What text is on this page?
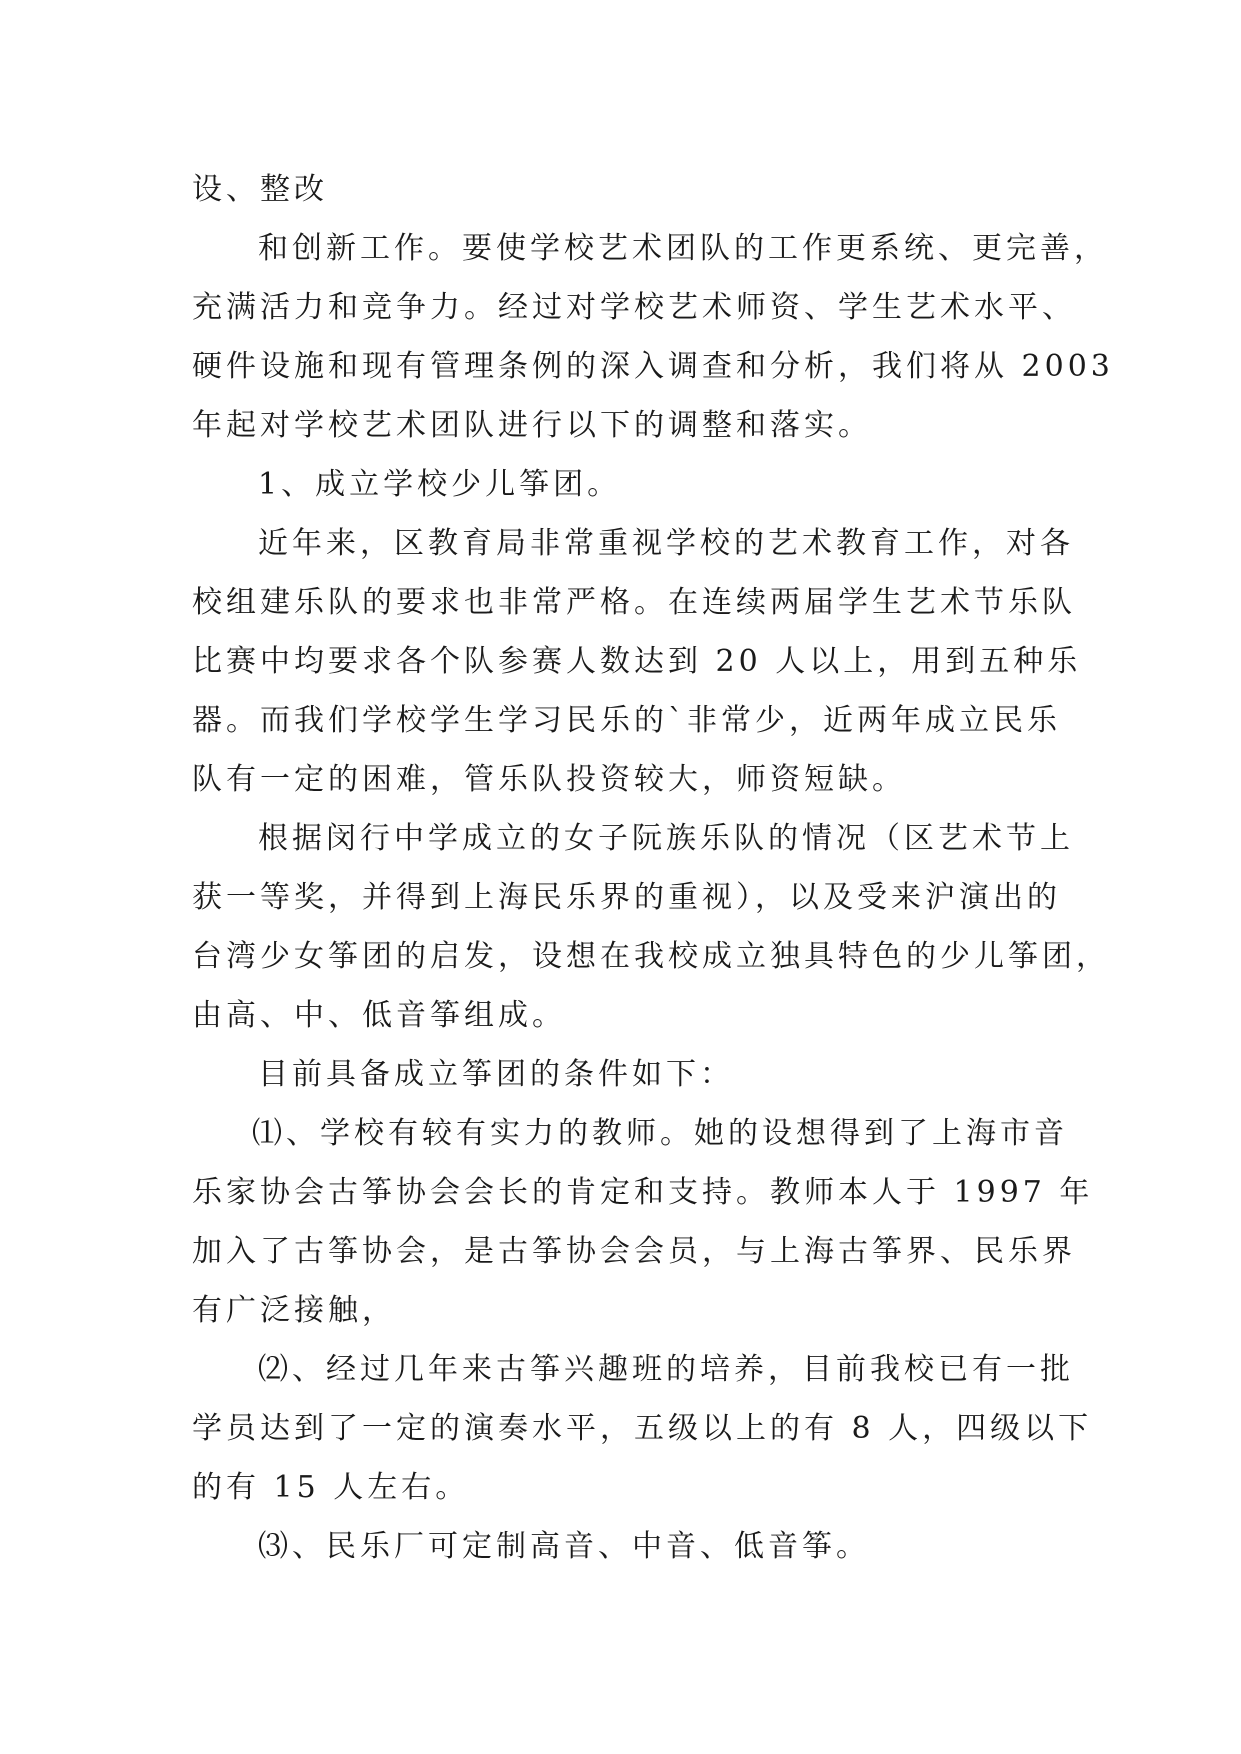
设、整改
和创新工作。要使学校艺术团队的工作更系统、更完善，
充满活力和竞争力。经过对学校艺术师资、学生艺术水平、
硬件设施和现有管理条例的深入调查和分析，我们将从 2003
年起对学校艺术团队进行以下的调整和落实。
1、成立学校少儿筝团。
近年来，区教育局非常重视学校的艺术教育工作，对各
校组建乐队的要求也非常严格。在连续两届学生艺术节乐队
比赛中均要求各个队参赛人数达到 20 人以上，用到五种乐
器。而我们学校学生学习民乐的`非常少，近两年成立民乐
队有一定的困难，管乐队投资较大，师资短缺。
根据闵行中学成立的女子阮族乐队的情况（区艺术节上
获一等奖，并得到上海民乐界的重视），以及受来沪演出的
台湾少女筝团的启发，设想在我校成立独具特色的少儿筝团，
由高、中、低音筝组成。
目前具备成立筝团的条件如下：
⑴、学校有较有实力的教师。她的设想得到了上海市音
乐家协会古筝协会会长的肯定和支持。教师本人于 1997 年
加入了古筝协会，是古筝协会会员，与上海古筝界、民乐界
有广泛接触，
⑵、经过几年来古筝兴趣班的培养，目前我校已有一批
学员达到了一定的演奏水平，五级以上的有 8 人，四级以下
的有 15 人左右。
⑶、民乐厂可定制高音、中音、低音筝。
